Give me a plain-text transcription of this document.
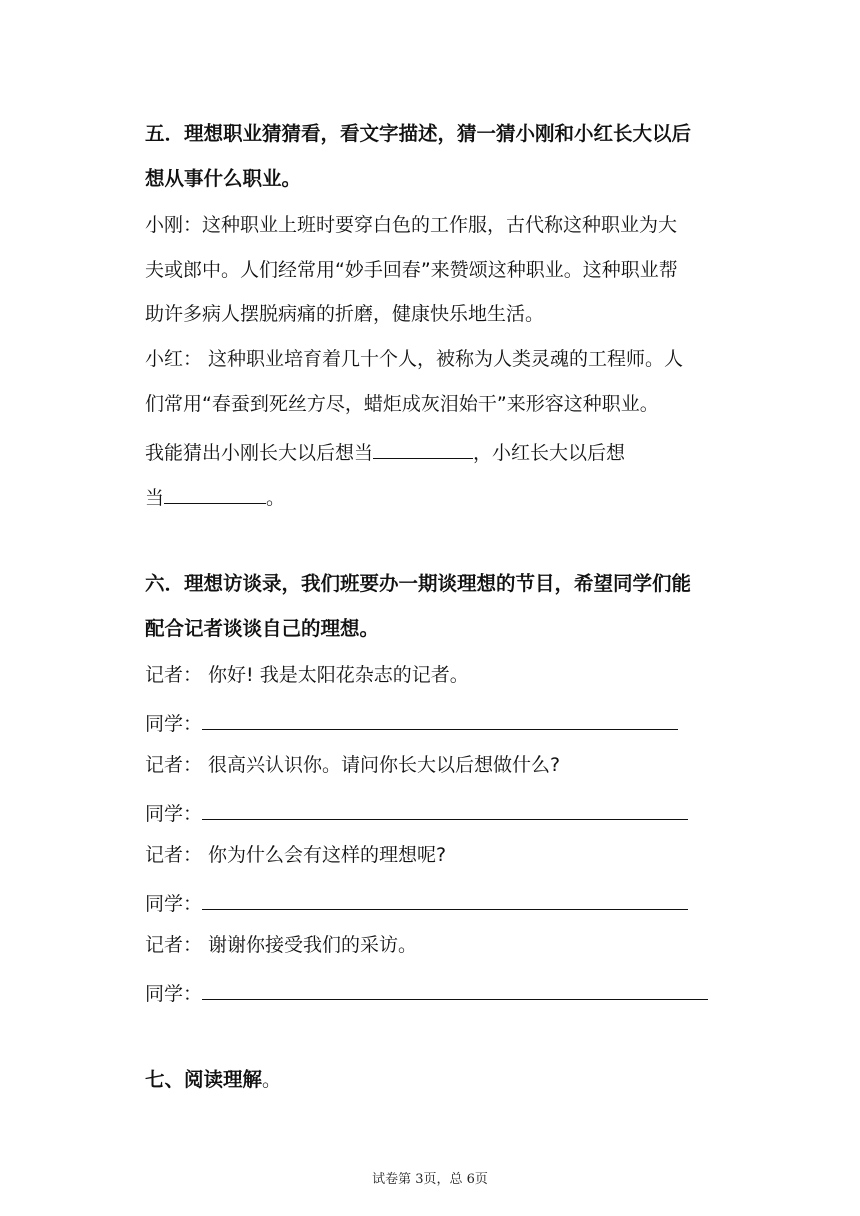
五．理想职业猜猜看，看文字描述，猜一猜小刚和小红长大以后
想从事什么职业。
小刚：这种职业上班时要穿白色的工作服，古代称这种职业为大
夫或郎中。人们经常用“妙手回春”来赞颂这种职业。这种职业帮
助许多病人摆脱病痛的折磨，健康快乐地生活。
小红： 这种职业培育着几十个人，被称为人类灵魂的工程师。人
们常用“春蚕到死丝方尽，蜡炬成灰泪始干”来形容这种职业。
我能猜出小刚长大以后想当	，小红长大以后想
当	。
六．理想访谈录，我们班要办一期谈理想的节目，希望同学们能
配合记者谈谈自己的理想。
记者： 你好! 我是太阳花杂志的记者。
同学：
记者： 很高兴认识你。请问你长大以后想做什么?
同学：
记者： 你为什么会有这样的理想呢?
同学：
记者： 谢谢你接受我们的采访。
同学：
七、阅读理解。
试卷第 3页，总 6页
